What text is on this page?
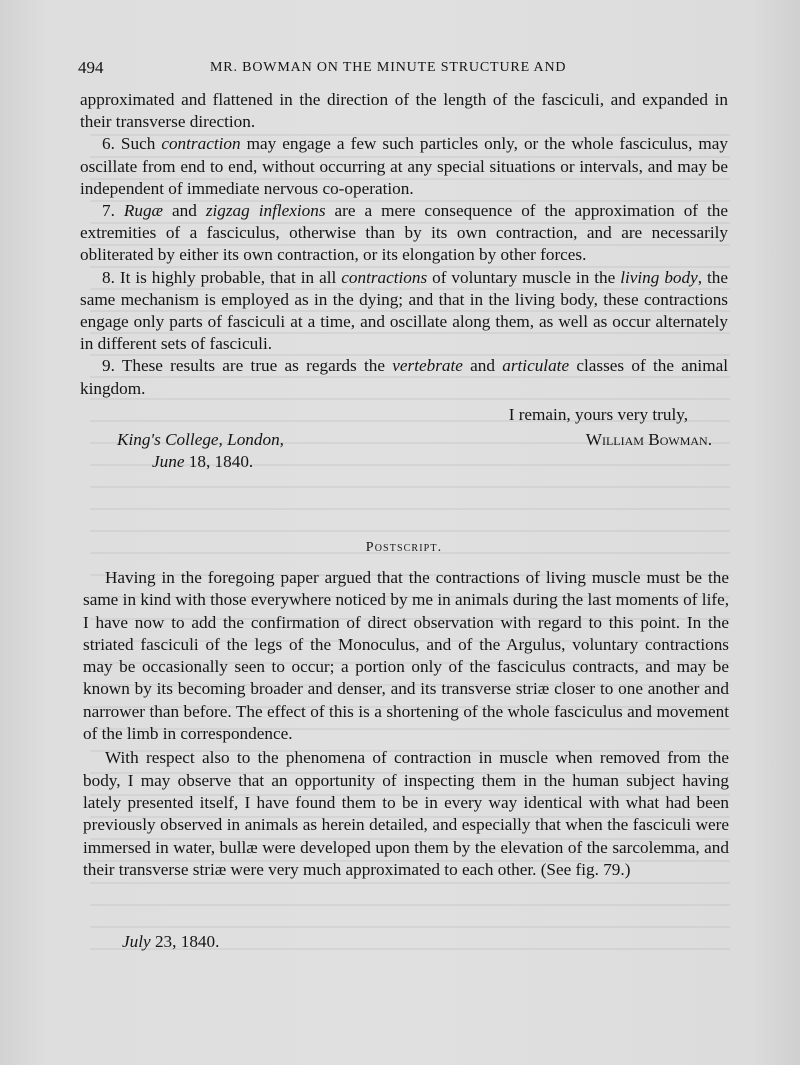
494	MR. BOWMAN ON THE MINUTE STRUCTURE AND

approximated and flattened in the direction of the length of the fasciculi, and expanded in their transverse direction.

6. Such contraction may engage a few such particles only, or the whole fasciculus, may oscillate from end to end, without occurring at any special situations or intervals, and may be independent of immediate nervous co-operation.

7. Rugæ and zigzag inflexions are a mere consequence of the approximation of the extremities of a fasciculus, otherwise than by its own contraction, and are necessarily obliterated by either its own contraction, or its elongation by other forces.

8. It is highly probable, that in all contractions of voluntary muscle in the living body, the same mechanism is employed as in the dying; and that in the living body, these contractions engage only parts of fasciculi at a time, and oscillate along them, as well as occur alternately in different sets of fasciculi.

9. These results are true as regards the vertebrate and articulate classes of the animal kingdom.

I remain, yours very truly,

King's College, London,
June 18, 1840.
William Bowman.
Postscript.

Having in the foregoing paper argued that the contractions of living muscle must be the same in kind with those everywhere noticed by me in animals during the last moments of life, I have now to add the confirmation of direct observation with regard to this point. In the striated fasciculi of the legs of the Monoculus, and of the Argulus, voluntary contractions may be occasionally seen to occur; a portion only of the fasciculus contracts, and may be known by its becoming broader and denser, and its transverse striæ closer to one another and narrower than before. The effect of this is a shortening of the whole fasciculus and movement of the limb in correspondence.

With respect also to the phenomena of contraction in muscle when removed from the body, I may observe that an opportunity of inspecting them in the human subject having lately presented itself, I have found them to be in every way identical with what had been previously observed in animals as herein detailed, and especially that when the fasciculi were immersed in water, bullæ were developed upon them by the elevation of the sarcolemma, and their transverse striæ were very much approximated to each other. (See fig. 79.)

July 23, 1840.
